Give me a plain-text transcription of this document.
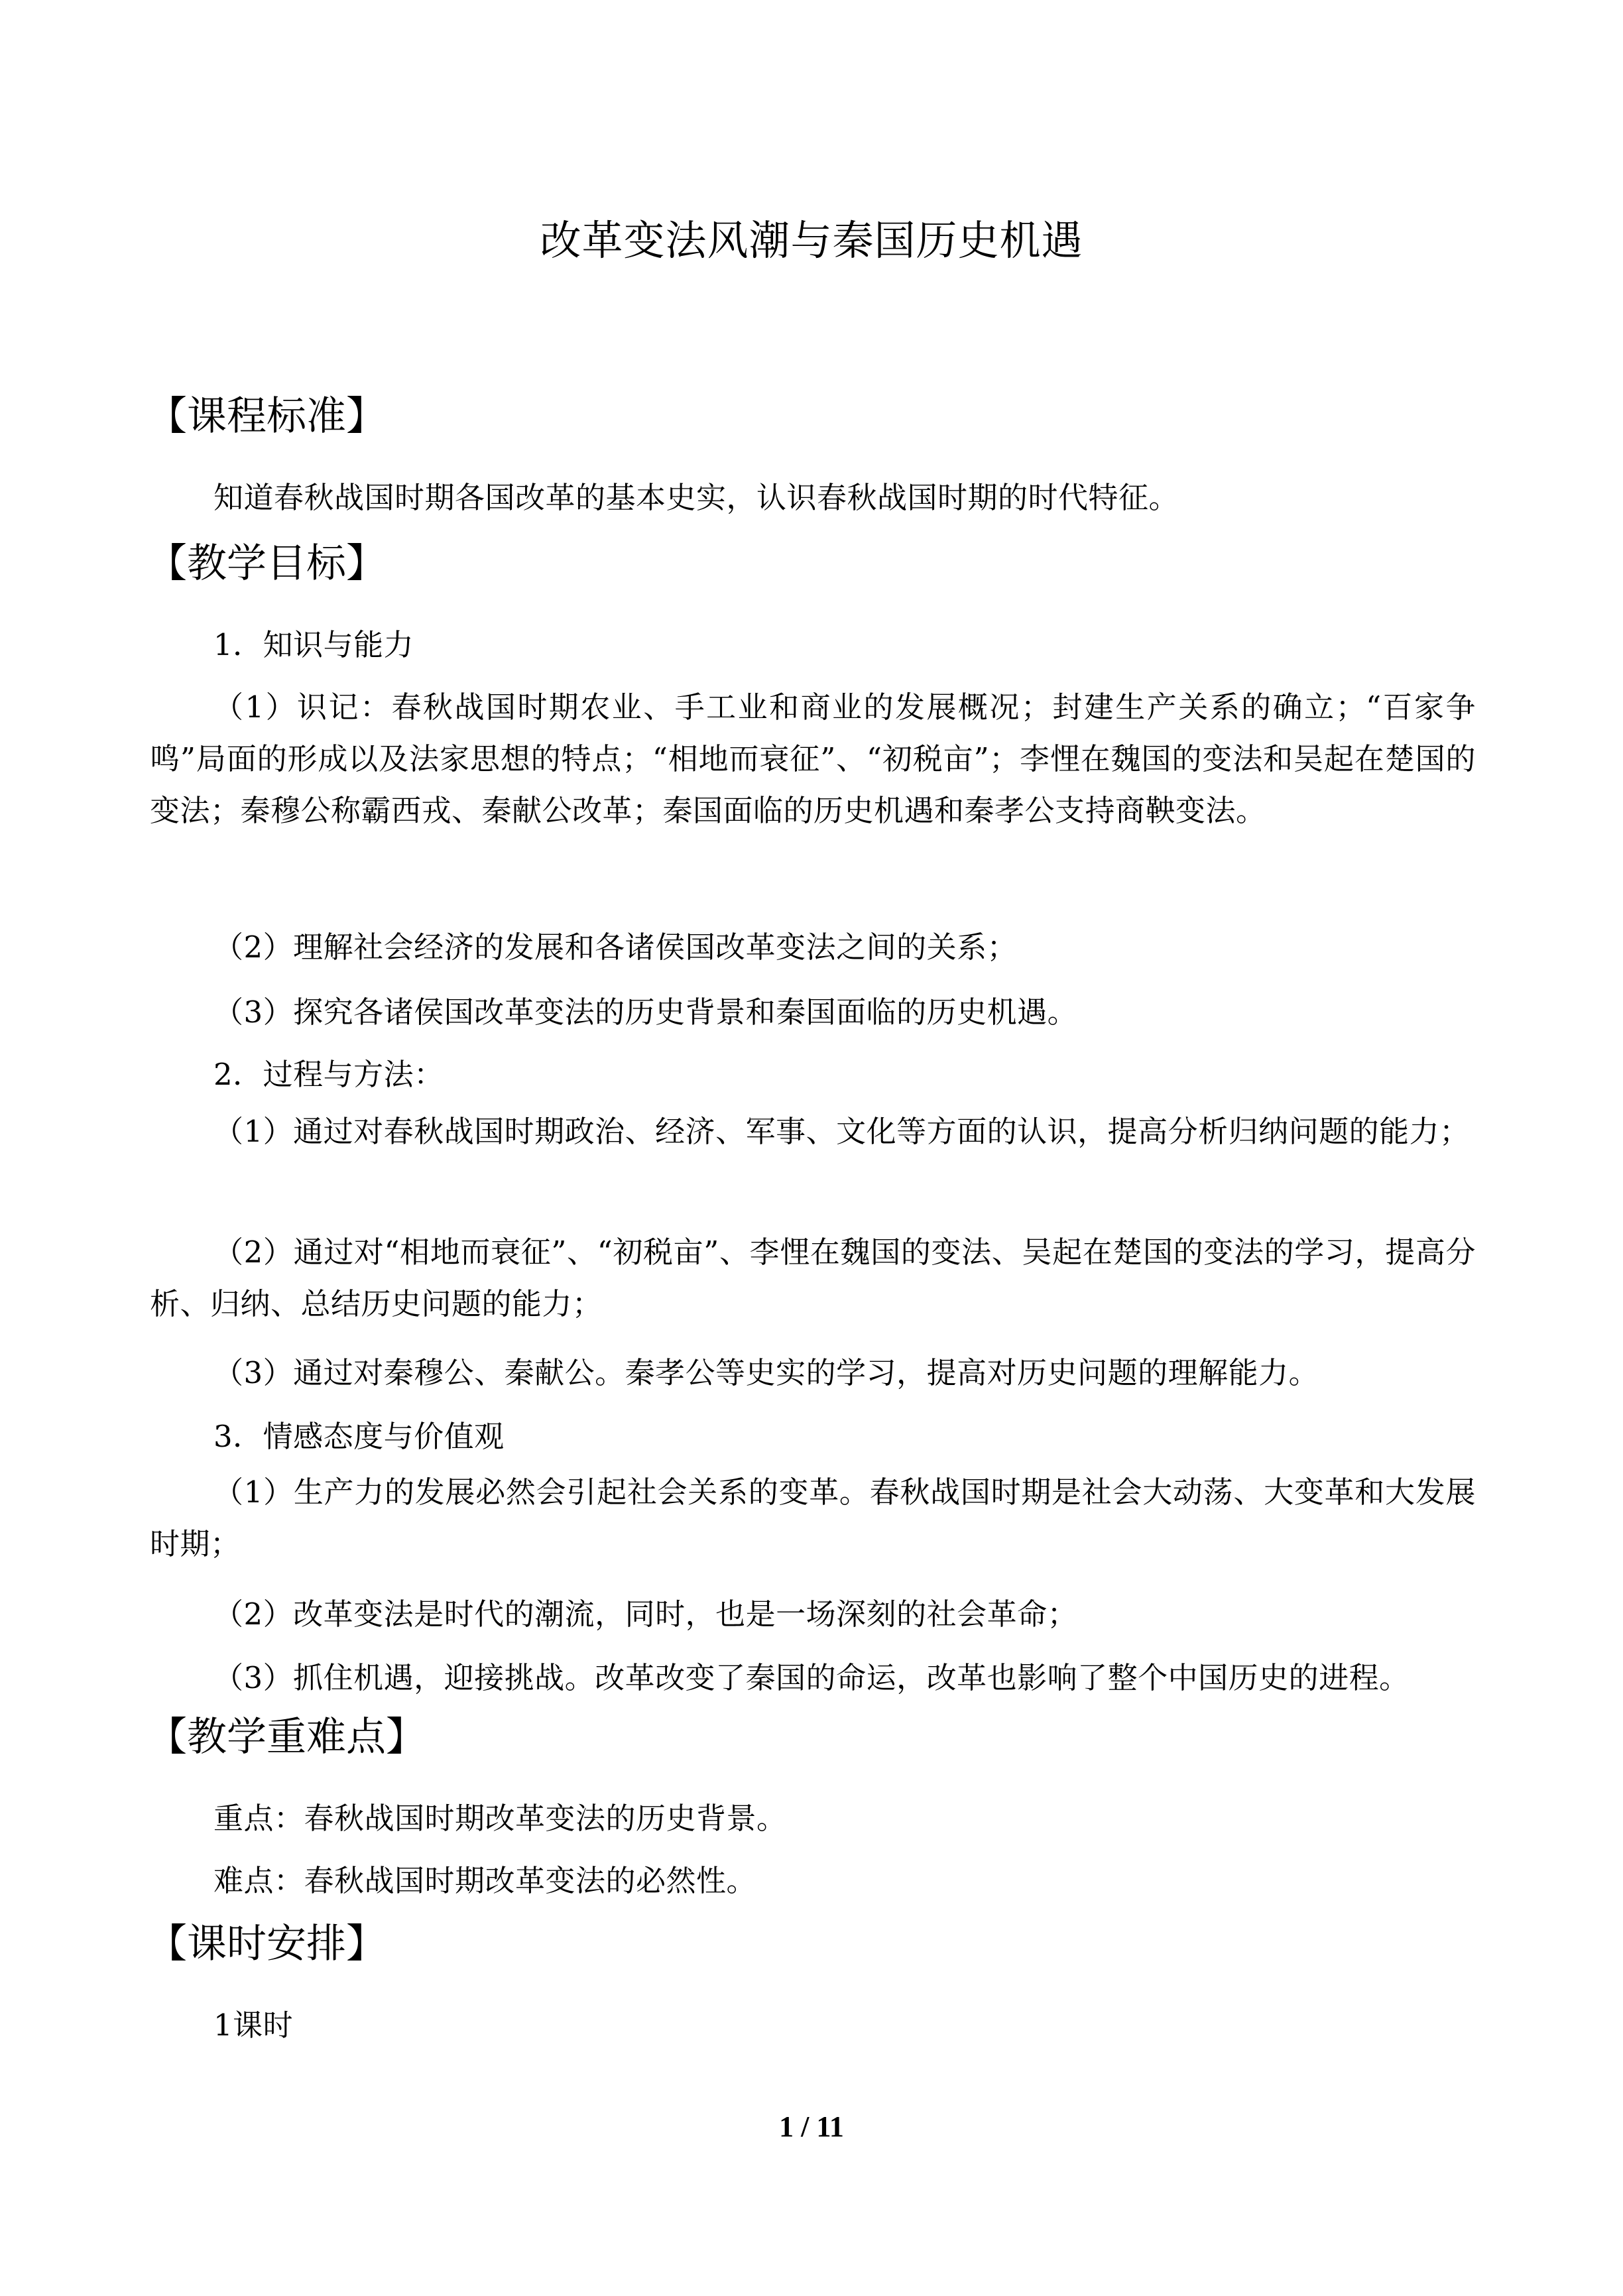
改革变法风潮与秦国历史机遇
【课程标准】

知道春秋战国时期各国改革的基本史实，认识春秋战国时期的时代特征。

【教学目标】

1．知识与能力

（1）识记：春秋战国时期农业、手工业和商业的发展概况；封建生产关系的确立；“百家争鸣”局面的形成以及法家思想的特点；“相地而衰征”、“初税亩”；李悝在魏国的变法和吴起在楚国的变法；秦穆公称霸西戎、秦献公改革；秦国面临的历史机遇和秦孝公支持商鞅变法。

（2）理解社会经济的发展和各诸侯国改革变法之间的关系；

（3）探究各诸侯国改革变法的历史背景和秦国面临的历史机遇。

2．过程与方法：

（1）通过对春秋战国时期政治、经济、军事、文化等方面的认识，提高分析归纳问题的能力；

（2）通过对“相地而衰征”、“初税亩”、李悝在魏国的变法、吴起在楚国的变法的学习，提高分析、归纳、总结历史问题的能力；

（3）通过对秦穆公、秦献公。秦孝公等史实的学习，提高对历史问题的理解能力。

3．情感态度与价值观

（1）生产力的发展必然会引起社会关系的变革。春秋战国时期是社会大动荡、大变革和大发展时期；

（2）改革变法是时代的潮流，同时，也是一场深刻的社会革命；

（3）抓住机遇，迎接挑战。改革改变了秦国的命运，改革也影响了整个中国历史的进程。

【教学重难点】

重点：春秋战国时期改革变法的历史背景。

难点：春秋战国时期改革变法的必然性。

【课时安排】

1课时

1 / 11
